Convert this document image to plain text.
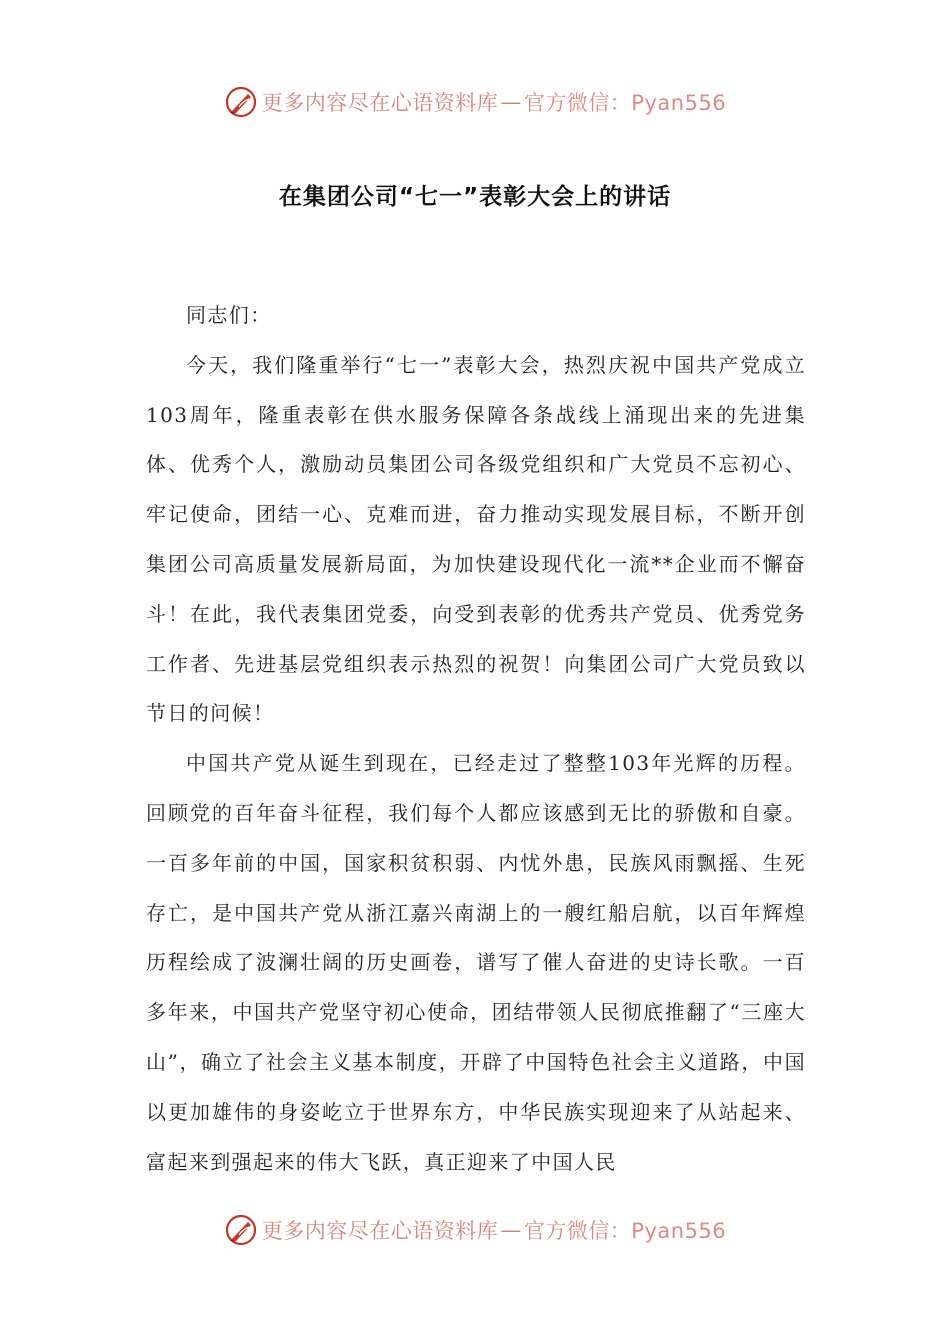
更多内容尽在心语资料库 — 官方微信：Pyan556
在集团公司“七一”表彰大会上的讲话

同志们：

今天，我们隆重举行“七一”表彰大会，热烈庆祝中国共产党成立103周年，隆重表彰在供水服务保障各条战线上涌现出来的先进集体、优秀个人，激励动员集团公司各级党组织和广大党员不忘初心、牢记使命，团结一心、克难而进，奋力推动实现发展目标，不断开创集团公司高质量发展新局面，为加快建设现代化一流**企业而不懈奋斗！在此，我代表集团党委，向受到表彰的优秀共产党员、优秀党务工作者、先进基层党组织表示热烈的祝贺！向集团公司广大党员致以节日的问候！

中国共产党从诞生到现在，已经走过了整整103年光辉的历程。回顾党的百年奋斗征程，我们每个人都应该感到无比的骄傲和自豪。一百多年前的中国，国家积贫积弱、内忧外患，民族风雨飘摇、生死存亡，是中国共产党从浙江嘉兴南湖上的一艘红船启航，以百年辉煌历程绘成了波澜壮阔的历史画卷，谱写了催人奋进的史诗长歌。一百多年来，中国共产党坚守初心使命，团结带领人民彻底推翻了“三座大山”，确立了社会主义基本制度，开辟了中国特色社会主义道路，中国以更加雄伟的身姿屹立于世界东方，中华民族实现迎来了从站起来、富起来到强起来的伟大飞跃，真正迎来了中国人民

更多内容尽在心语资料库 — 官方微信：Pyan556
